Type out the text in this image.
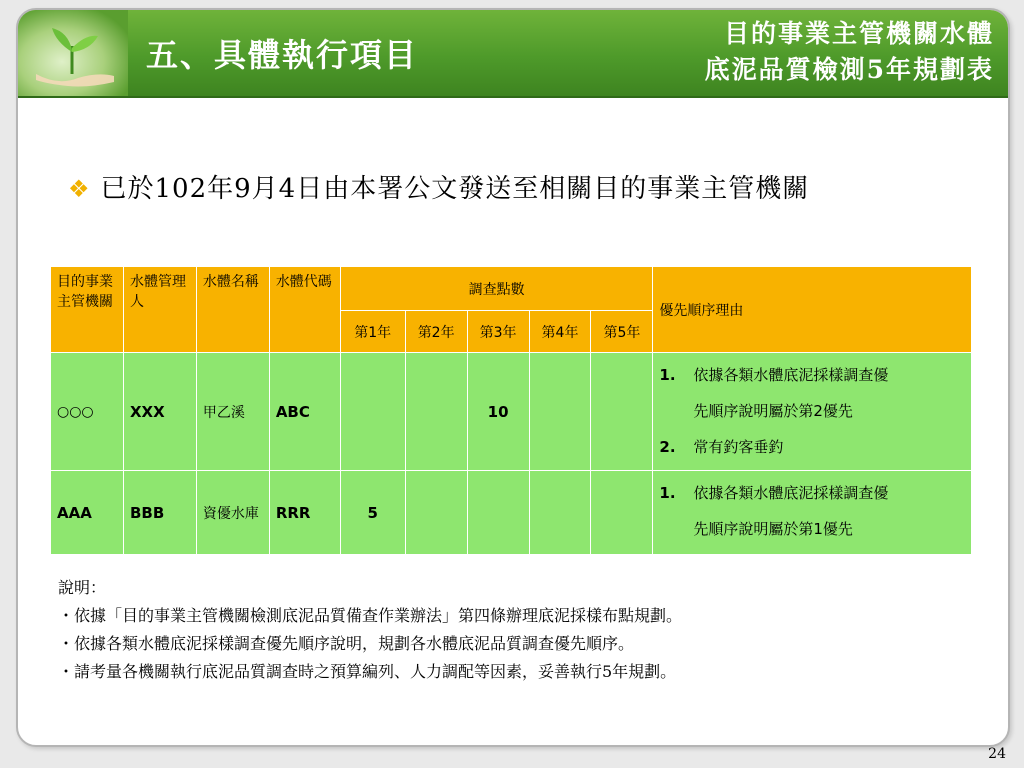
五、具體執行項目
目的事業主管機關水體
底泥品質檢測5年規劃表
❖ 已於102年9月4日由本署公文發送至相關目的事業主管機關
目的事業主管機關	水體管理人	水體名稱	水體代碼	調查點數					優先順序理由
				第1年	第2年	第3年	第4年	第5年	
○○○	XXX	甲乙溪	ABC			10			1. 依據各類水體底泥採樣調查優
先順序說明屬於第2優先
2. 常有釣客垂釣

AAA	BBB	資優水庫	RRR	5					1. 依據各類水體底泥採樣調查優
先順序說明屬於第1優先
說明：
・依據「目的事業主管機關檢測底泥品質備查作業辦法」第四條辦理底泥採樣布點規劃。
・依據各類水體底泥採樣調查優先順序說明，規劃各水體底泥品質調查優先順序。
・請考量各機關執行底泥品質調查時之預算編列、人力調配等因素，妥善執行5年規劃。
24
